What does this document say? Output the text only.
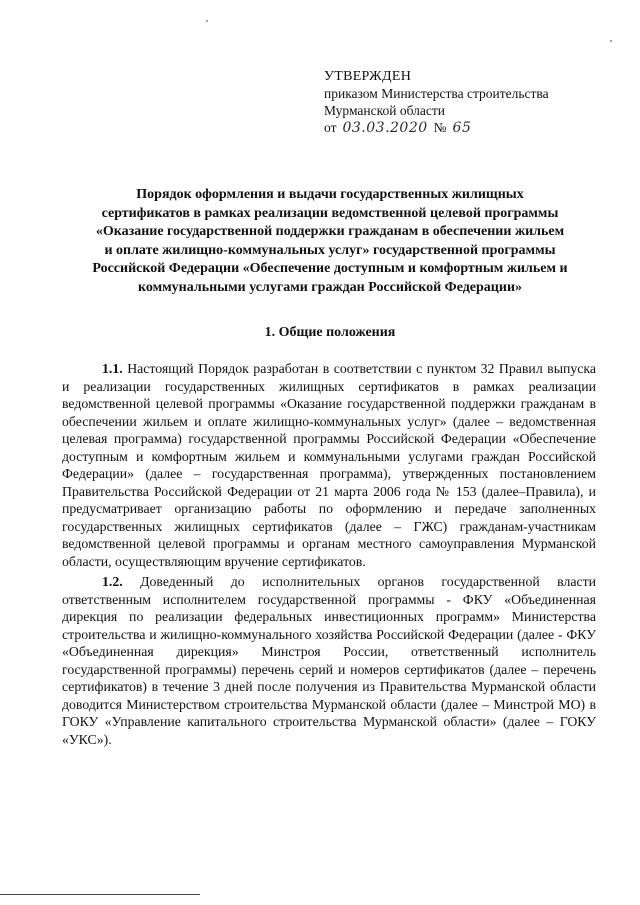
УТВЕРЖДЕН
приказом Министерства строительства
Мурманской области
от 03.03.2020 № 65
Порядок оформления и выдачи государственных жилищных
сертификатов в рамках реализации ведомственной целевой программы
«Оказание государственной поддержки гражданам в обеспечении жильем
и оплате жилищно-коммунальных услуг» государственной программы
Российской Федерации «Обеспечение доступным и комфортным жильем и
коммунальными услугами граждан Российской Федерации»
1. Общие положения

1.1. Настоящий Порядок разработан в соответствии с пунктом 32 Правил выпуска и реализации государственных жилищных сертификатов в рамках реализации ведомственной целевой программы «Оказание государственной поддержки гражданам в обеспечении жильем и оплате жилищно-коммунальных услуг» (далее – ведомственная целевая программа) государственной программы Российской Федерации «Обеспечение доступным и комфортным жильем и коммунальными услугами граждан Российской Федерации» (далее – государственная программа), утвержденных постановлением Правительства Российской Федерации от 21 марта 2006 года № 153 (далее–Правила), и предусматривает организацию работы по оформлению и передаче заполненных государственных жилищных сертификатов (далее – ГЖС) гражданам-участникам ведомственной целевой программы и органам местного самоуправления Мурманской области, осуществляющим вручение сертификатов.

1.2. Доведенный до исполнительных органов государственной власти ответственным исполнителем государственной программы - ФКУ «Объединенная дирекция по реализации федеральных инвестиционных программ» Министерства строительства и жилищно-коммунального хозяйства Российской Федерации (далее - ФКУ «Объединенная дирекция» Минстроя России, ответственный исполнитель государственной программы) перечень серий и номеров сертификатов (далее – перечень сертификатов) в течение 3 дней после получения из Правительства Мурманской области доводится Министерством строительства Мурманской области (далее – Минстрой МО) в ГОКУ «Управление капитального строительства Мурманской области» (далее – ГОКУ «УКС»).
